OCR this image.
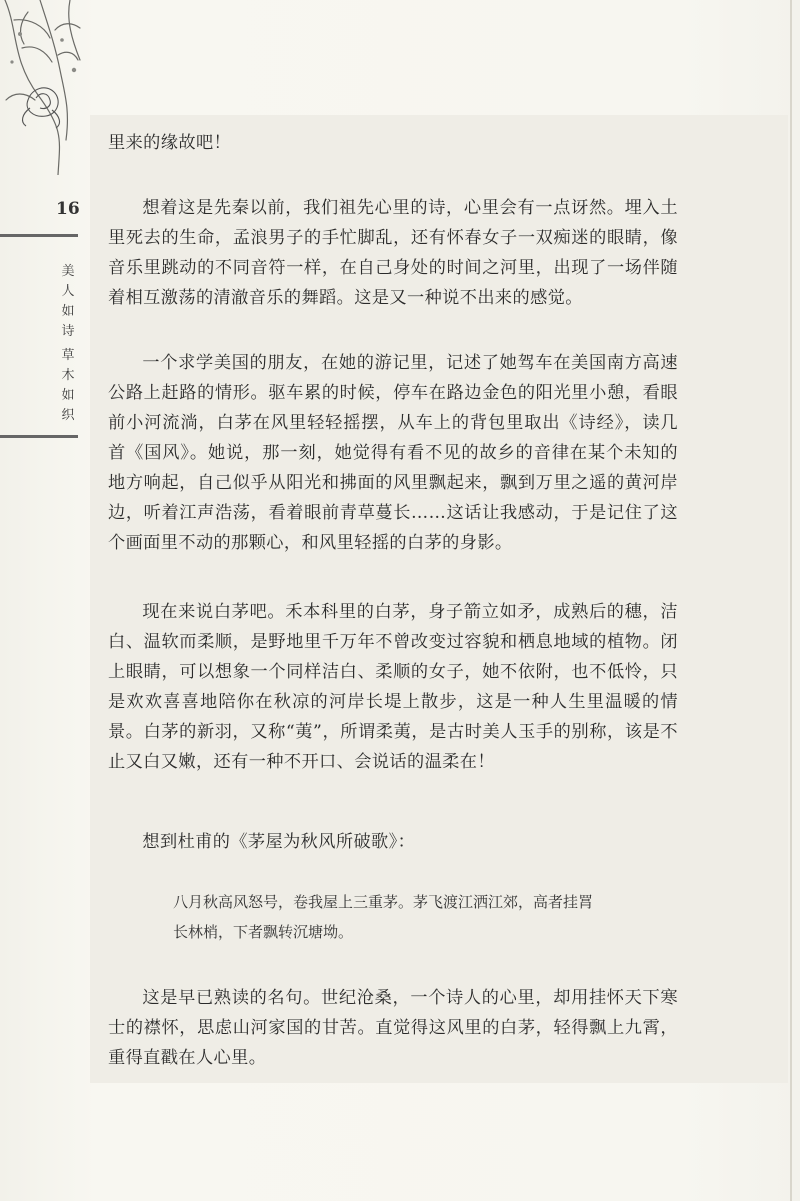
16
美
人
如
诗
草
木
如
织

里来的缘故吧！

想着这是先秦以前，我们祖先心里的诗，心里会有一点讶然。埋入土里死去的生命，孟浪男子的手忙脚乱，还有怀春女子一双痴迷的眼睛，像音乐里跳动的不同音符一样，在自己身处的时间之河里，出现了一场伴随着相互激荡的清澈音乐的舞蹈。这是又一种说不出来的感觉。

一个求学美国的朋友，在她的游记里，记述了她驾车在美国南方高速公路上赶路的情形。驱车累的时候，停车在路边金色的阳光里小憩，看眼前小河流淌，白茅在风里轻轻摇摆，从车上的背包里取出《诗经》，读几首《国风》。她说，那一刻，她觉得有看不见的故乡的音律在某个未知的地方响起，自己似乎从阳光和拂面的风里飘起来，飘到万里之遥的黄河岸边，听着江声浩荡，看着眼前青草蔓长……这话让我感动，于是记住了这个画面里不动的那颗心，和风里轻摇的白茅的身影。

现在来说白茅吧。禾本科里的白茅，身子箭立如矛，成熟后的穗，洁白、温软而柔顺，是野地里千万年不曾改变过容貌和栖息地域的植物。闭上眼睛，可以想象一个同样洁白、柔顺的女子，她不依附，也不低怜，只是欢欢喜喜地陪你在秋凉的河岸长堤上散步，这是一种人生里温暖的情景。白茅的新羽，又称“荑”，所谓柔荑，是古时美人玉手的别称，该是不止又白又嫩，还有一种不开口、会说话的温柔在！

想到杜甫的《茅屋为秋风所破歌》：

八月秋高风怒号，卷我屋上三重茅。茅飞渡江洒江郊，高者挂罥

长林梢，下者飘转沉塘坳。

这是早已熟读的名句。世纪沧桑，一个诗人的心里，却用挂怀天下寒士的襟怀，思虑山河家国的甘苦。直觉得这风里的白茅，轻得飘上九霄，重得直戳在人心里。
